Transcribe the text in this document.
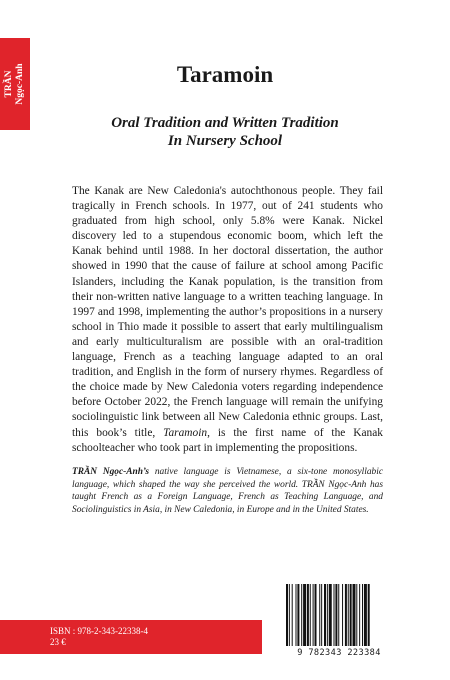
TRẦN Ngọc-Anh	Taramoin
Oral Tradition and Written Tradition
In Nursery School

The Kanak are New Caledonia's autochthonous people. They fail tragically in French schools. In 1977, out of 241 students who graduated from high school, only 5.8% were Kanak. Nickel discovery led to a stupendous economic boom, which left the Kanak behind until 1988. In her doctoral dissertation, the author showed in 1990 that the cause of failure at school among Pacific Islanders, including the Kanak population, is the transition from their non-written native language to a written teaching language. In 1997 and 1998, implementing the author’s propositions in a nursery school in Thio made it possible to assert that early multilingualism and early multiculturalism are possible with an oral-tradition language, French as a teaching language adapted to an oral tradition, and English in the form of nursery rhymes. Regardless of the choice made by New Caledonia voters regarding independence before October 2022, the French language will remain the unifying sociolinguistic link between all New Caledonia ethnic groups. Last, this book’s title, Taramoin, is the first name of the Kanak schoolteacher who took part in implementing the propositions.

TRẦN Ngọc-Anh’s native language is Vietnamese, a six-tone monosyllabic language, which shaped the way she perceived the world. TRẦN Ngọc-Anh has taught French as a Foreign Language, French as Teaching Language, and Sociolinguistics in Asia, in New Caledonia, in Europe and in the United States.

ISBN : 978-2-343-22338-4
23 €
9 782343 223384
